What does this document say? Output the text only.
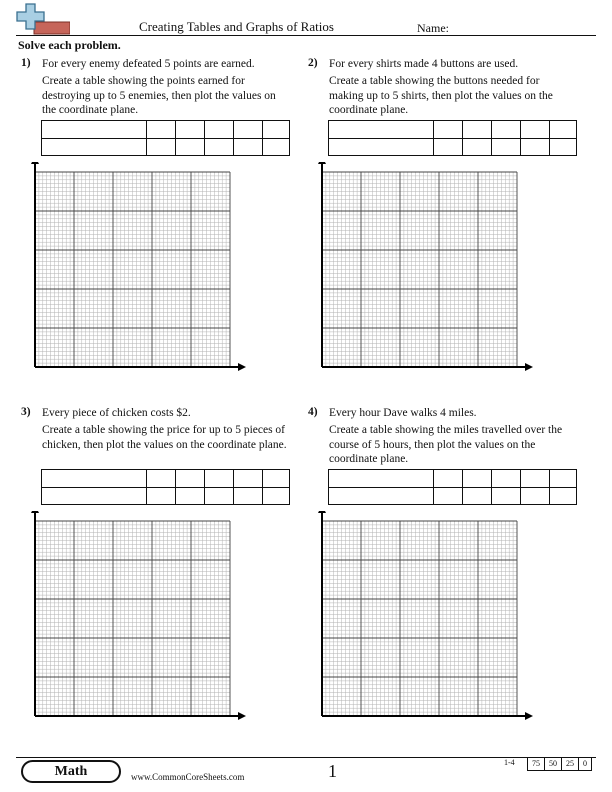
Creating Tables and Graphs of Ratios	Name:
Solve each problem.
1) For every enemy defeated 5 points are earned.
Create a table showing the points earned for destroying up to 5 enemies, then plot the values on the coordinate plane.
2) For every shirts made 4 buttons are used.
Create a table showing the buttons needed for making up to 5 shirts, then plot the values on the coordinate plane.
3) Every piece of chicken costs $2.
Create a table showing the price for up to 5 pieces of chicken, then plot the values on the coordinate plane.
4) Every hour Dave walks 4 miles.
Create a table showing the miles travelled over the course of 5 hours, then plot the values on the coordinate plane.
Math	www.CommonCoreSheets.com	1	1-4	75	50	25	0
